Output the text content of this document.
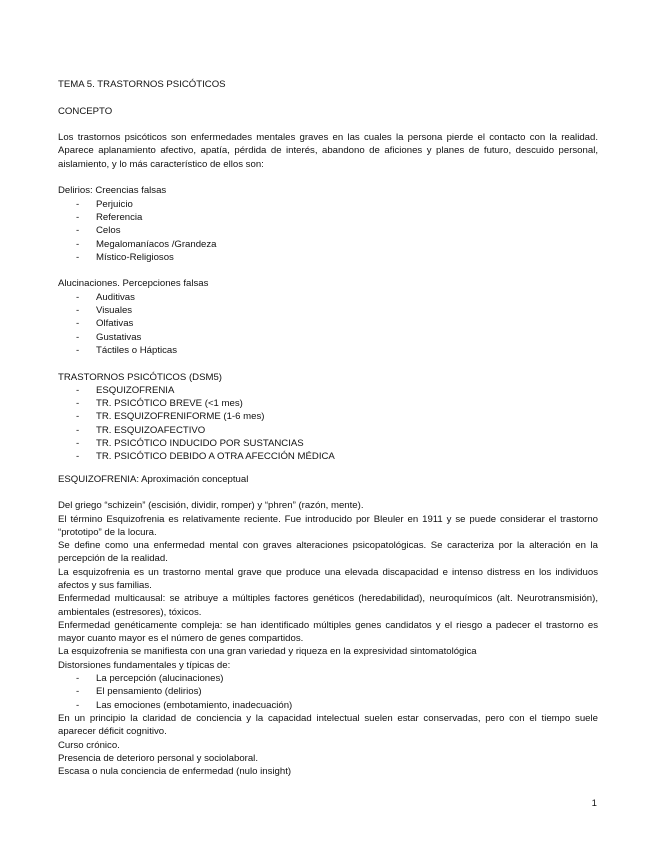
TEMA 5. TRASTORNOS PSICÓTICOS

CONCEPTO

Los trastornos psicóticos son enfermedades mentales graves en las cuales la persona pierde el contacto con la realidad. Aparece aplanamiento afectivo, apatía, pérdida de interés, abandono de aficiones y planes de futuro, descuido personal, aislamiento, y lo más característico de ellos son:

Delirios: Creencias falsas

- Perjuicio
- Referencia
- Celos
- Megalomaníacos /Grandeza
- Místico-Religiosos

Alucinaciones. Percepciones falsas

- Auditivas
- Visuales
- Olfativas
- Gustativas
- Táctiles o Hápticas

TRASTORNOS PSICÓTICOS (DSM5)

- ESQUIZOFRENIA
- TR. PSICÓTICO BREVE (<1 mes)
- TR. ESQUIZOFRENIFORME (1-6 mes)
- TR. ESQUIZOAFECTIVO
- TR. PSICÓTICO INDUCIDO POR SUSTANCIAS
- TR. PSICÓTICO DEBIDO A OTRA AFECCIÓN MÉDICA

ESQUIZOFRENIA: Aproximación conceptual

Del griego “schizein” (escisión, dividir, romper) y “phren” (razón, mente).

El término Esquizofrenia es relativamente reciente. Fue introducido por Bleuler en 1911 y se puede considerar el trastorno “prototipo” de la locura.

Se define como una enfermedad mental con graves alteraciones psicopatológicas. Se caracteriza por la alteración en la percepción de la realidad.

La esquizofrenia es un trastorno mental grave que produce una elevada discapacidad e intenso distress en los individuos afectos y sus familias.

Enfermedad multicausal: se atribuye a múltiples factores genéticos (heredabilidad), neuroquímicos (alt. Neurotransmisión), ambientales (estresores), tóxicos.

Enfermedad genéticamente compleja: se han identificado múltiples genes candidatos y el riesgo a padecer el trastorno es mayor cuanto mayor es el número de genes compartidos.

La esquizofrenia se manifiesta con una gran variedad y riqueza en la expresividad sintomatológica

Distorsiones fundamentales y típicas de:

- La percepción (alucinaciones)
- El pensamiento (delirios)
- Las emociones (embotamiento, inadecuación)

En un principio la claridad de conciencia y la capacidad intelectual suelen estar conservadas, pero con el tiempo suele aparecer déficit cognitivo.

Curso crónico.

Presencia de deterioro personal y sociolaboral.

Escasa o nula conciencia de enfermedad (nulo insight)

1
